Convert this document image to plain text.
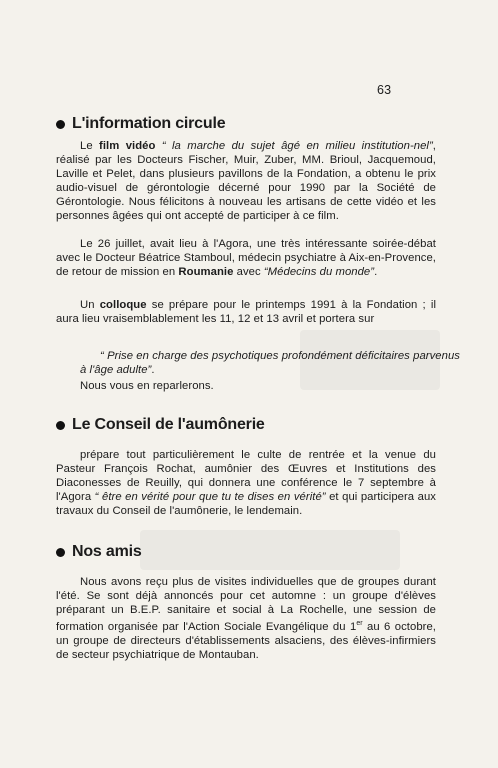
63
L'information circule
Le film vidéo “ la marche du sujet âgé en milieu institution-nel”, réalisé par les Docteurs Fischer, Muir, Zuber, MM. Brioul, Jacquemoud, Laville et Pelet, dans plusieurs pavillons de la Fondation, a obtenu le prix audio-visuel de gérontologie décerné pour 1990 par la Société de Gérontologie. Nous félicitons à nouveau les artisans de cette vidéo et les personnes âgées qui ont accepté de participer à ce film.
Le 26 juillet, avait lieu à l'Agora, une très intéressante soirée-débat avec le Docteur Béatrice Stamboul, médecin psychiatre à Aix-en-Provence, de retour de mission en Roumanie avec “Médecins du monde”.
Un colloque se prépare pour le printemps 1991 à la Fondation ; il aura lieu vraisemblablement les 11, 12 et 13 avril et portera sur
“ Prise en charge des psychotiques profondément déficitaires parvenus à l'âge adulte”.
Nous vous en reparlerons.
Le Conseil de l'aumônerie
prépare tout particulièrement le culte de rentrée et la venue du Pasteur François Rochat, aumônier des Œuvres et Institutions des Diaconesses de Reuilly, qui donnera une conférence le 7 septembre à l'Agora “ être en vérité pour que tu te dises en vérité” et qui participera aux travaux du Conseil de l'aumônerie, le lendemain.
Nos amis
Nous avons reçu plus de visites individuelles que de groupes durant l'été. Se sont déjà annoncés pour cet automne : un groupe d'élèves préparant un B.E.P. sanitaire et social à La Rochelle, une session de formation organisée par l'Action Sociale Evangélique du 1er au 6 octobre, un groupe de directeurs d'établissements alsaciens, des élèves-infirmiers de secteur psychiatrique de Montauban.
